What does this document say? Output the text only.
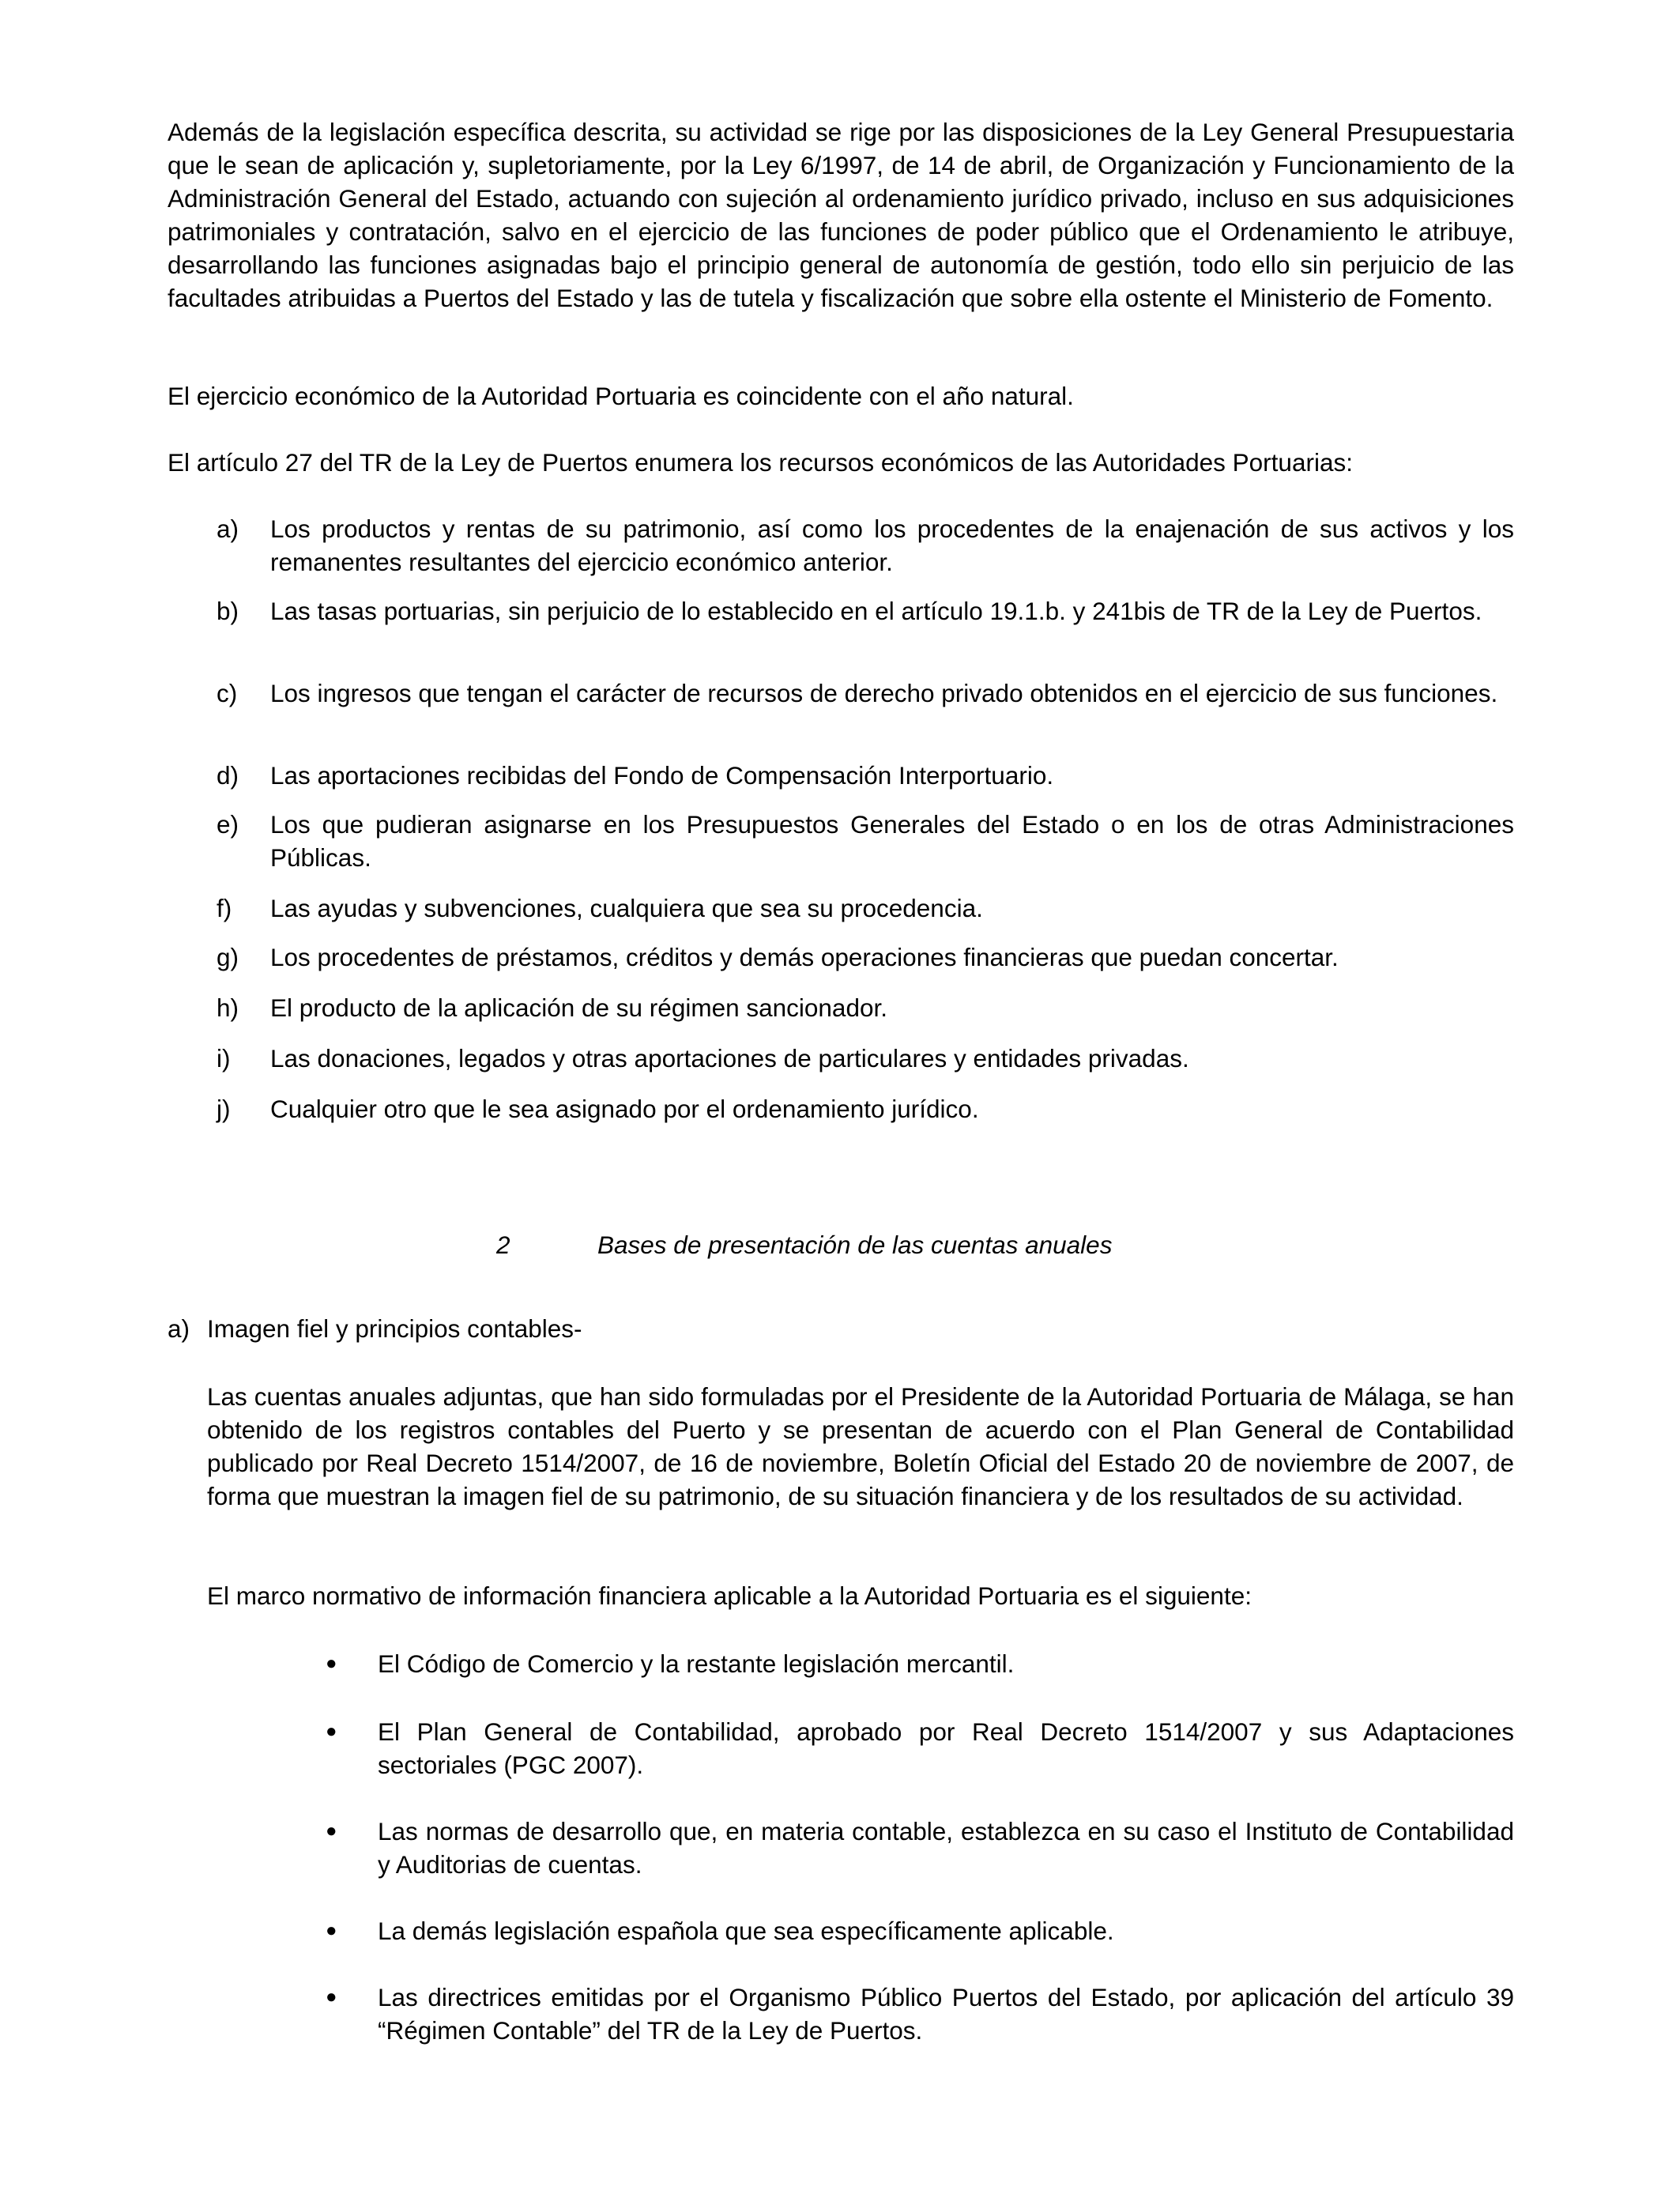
Además de la legislación específica descrita, su actividad se rige por las disposiciones de la Ley General Presupuestaria que le sean de aplicación y, supletoriamente, por la Ley 6/1997, de 14 de abril, de Organización y Funcionamiento de la Administración General del Estado, actuando con sujeción al ordenamiento jurídico privado, incluso en sus adquisiciones patrimoniales y contratación, salvo en el ejercicio de las funciones de poder público que el Ordenamiento le atribuye, desarrollando las funciones asignadas bajo el principio general de autonomía de gestión, todo ello sin perjuicio de las facultades atribuidas a Puertos del Estado y las de tutela y fiscalización que sobre ella ostente el Ministerio de Fomento.

El ejercicio económico de la Autoridad Portuaria es coincidente con el año natural.

El artículo 27 del TR de la Ley de Puertos enumera los recursos económicos de las Autoridades Portuarias:

a)	Los productos y rentas de su patrimonio, así como los procedentes de la enajenación de sus activos y los remanentes resultantes del ejercicio económico anterior.
b)	Las tasas portuarias, sin perjuicio de lo establecido en el artículo 19.1.b. y 241bis de TR de la Ley de Puertos.
c)	Los ingresos que tengan el carácter de recursos de derecho privado obtenidos en el ejercicio de sus funciones.
d)	Las aportaciones recibidas del Fondo de Compensación Interportuario.
e)	Los que pudieran asignarse en los Presupuestos Generales del Estado o en los de otras Administraciones Públicas.
f)	Las ayudas y subvenciones, cualquiera que sea su procedencia.
g)	Los procedentes de préstamos, créditos y demás operaciones financieras que puedan concertar.
h)	El producto de la aplicación de su régimen sancionador.
i)	Las donaciones, legados y otras aportaciones de particulares y entidades privadas.
j)	Cualquier otro que le sea asignado por el ordenamiento jurídico.
2	Bases de presentación de las cuentas anuales
a) Imagen fiel y principios contables-

Las cuentas anuales adjuntas, que han sido formuladas por el Presidente de la Autoridad Portuaria de Málaga, se han obtenido de los registros contables del Puerto y se presentan de acuerdo con el Plan General de Contabilidad publicado por Real Decreto 1514/2007, de 16 de noviembre, Boletín Oficial del Estado 20 de noviembre de 2007, de forma que muestran la imagen fiel de su patrimonio, de su situación financiera y de los resultados de su actividad.

El marco normativo de información financiera aplicable a la Autoridad Portuaria es el siguiente:

●	El Código de Comercio y la restante legislación mercantil.
●	El Plan General de Contabilidad, aprobado por Real Decreto 1514/2007 y sus Adaptaciones sectoriales (PGC 2007).
●	Las normas de desarrollo que, en materia contable, establezca en su caso el Instituto de Contabilidad y Auditorias de cuentas.
●	La demás legislación española que sea específicamente aplicable.
●	Las directrices emitidas por el Organismo Público Puertos del Estado, por aplicación del artículo 39 “Régimen Contable” del TR de la Ley de Puertos.
